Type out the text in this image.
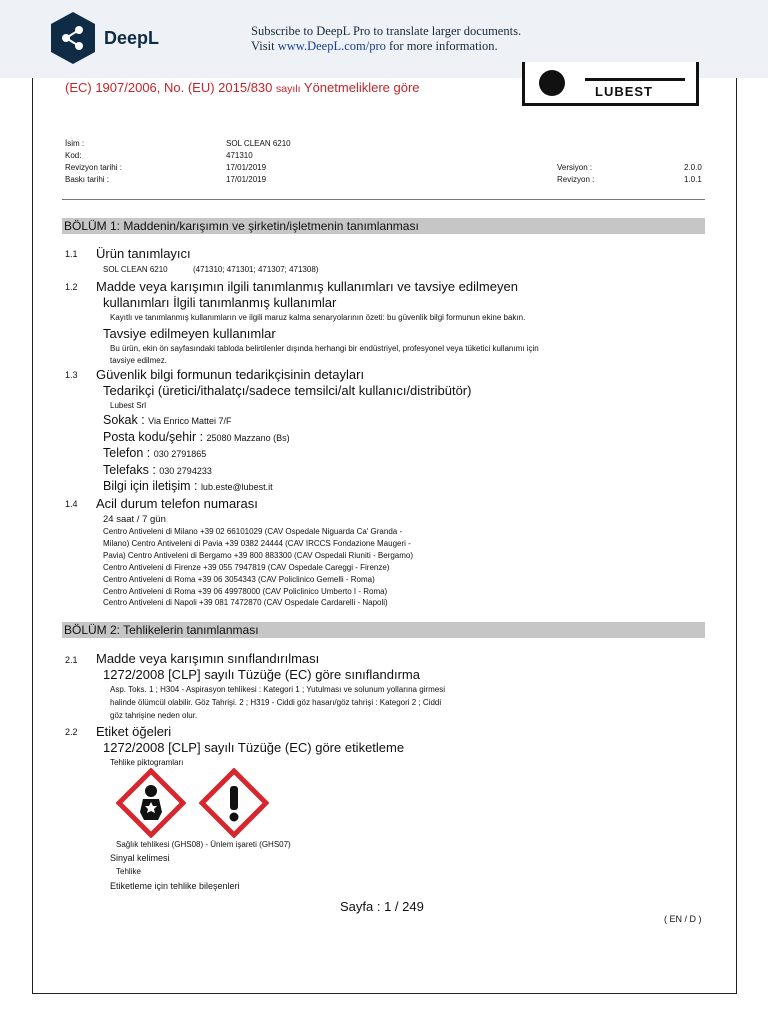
DeepL	Subscribe to DeepL Pro to translate larger documents.
Visit www.DeepL.com/pro for more information.
(EC) 1907/2006, No. (EU) 2015/830 sayılı Yönetmeliklere göre	LUBEST
İsim :	SOL CLEAN 6210
Kod:	471310
Revizyon tarihi :	17/01/2019	Versiyon :	2.0.0
Baskı tarihi :	17/01/2019	Revizyon :	1.0.1
BÖLÜM 1: Maddenin/karışımın ve şirketin/işletmenin tanımlanması
1.1 Ürün tanımlayıcı
SOL CLEAN 6210	(471310; 471301; 471307; 471308)
1.2 Madde veya karışımın ilgili tanımlanmış kullanımları ve tavsiye edilmeyen
kullanımları İlgili tanımlanmış kullanımlar
Kayıtlı ve tanımlanmış kullanımların ve ilgili maruz kalma senaryolarının özeti: bu güvenlik bilgi formunun ekine bakın.
Tavsiye edilmeyen kullanımlar
Bu ürün, ekin ön sayfasındaki tabloda belirtilenler dışında herhangi bir endüstriyel, profesyonel veya tüketici kullanımı için
tavsiye edilmez.
1.3 Güvenlik bilgi formunun tedarikçisinin detayları
Tedarikçi (üretici/ithalatçı/sadece temsilci/alt kullanıcı/distribütör)
Lubest Srl
Sokak : Via Enrico Mattei 7/F
Posta kodu/şehir : 25080 Mazzano (Bs)
Telefon : 030 2791865
Telefaks : 030 2794233
Bilgi için iletişim : lub.este@lubest.it
1.4 Acil durum telefon numarası
24 saat / 7 gün
Centro Antiveleni di Milano +39 02 66101029 (CAV Ospedale Niguarda Ca' Granda -
Milano) Centro Antiveleni di Pavia +39 0382 24444 (CAV IRCCS Fondazione Maugeri -
Pavia) Centro Antiveleni di Bergamo +39 800 883300 (CAV Ospedali Riuniti - Bergamo)
Centro Antiveleni di Firenze +39 055 7947819 (CAV Ospedale Careggi - Firenze)
Centro Antiveleni di Roma +39 06 3054343 (CAV Policlinico Gemelli - Roma)
Centro Antiveleni di Roma +39 06 49978000 (CAV Policlinico Umberto I - Roma)
Centro Antiveleni di Napoli +39 081 7472870 (CAV Ospedale Cardarelli - Napoli)
BÖLÜM 2: Tehlikelerin tanımlanması
2.1 Madde veya karışımın sınıflandırılması
1272/2008 [CLP] sayılı Tüzüğe (EC) göre sınıflandırma
Asp. Toks. 1 ; H304 - Aspirasyon tehlikesi : Kategori 1 ; Yutulması ve solunum yollarına girmesi
halinde ölümcül olabilir. Göz Tahrişi. 2 ; H319 - Ciddi göz hasarı/göz tahrişi : Kategori 2 ; Ciddi
göz tahrişine neden olur.
2.2 Etiket öğeleri
1272/2008 [CLP] sayılı Tüzüğe (EC) göre etiketleme
Tehlike piktogramları
Sağlık tehlikesi (GHS08) - Ünlem işareti (GHS07)
Sinyal kelimesi
Tehlike
Etiketleme için tehlike bileşenleri
Sayfa : 1 / 249
( EN / D )
